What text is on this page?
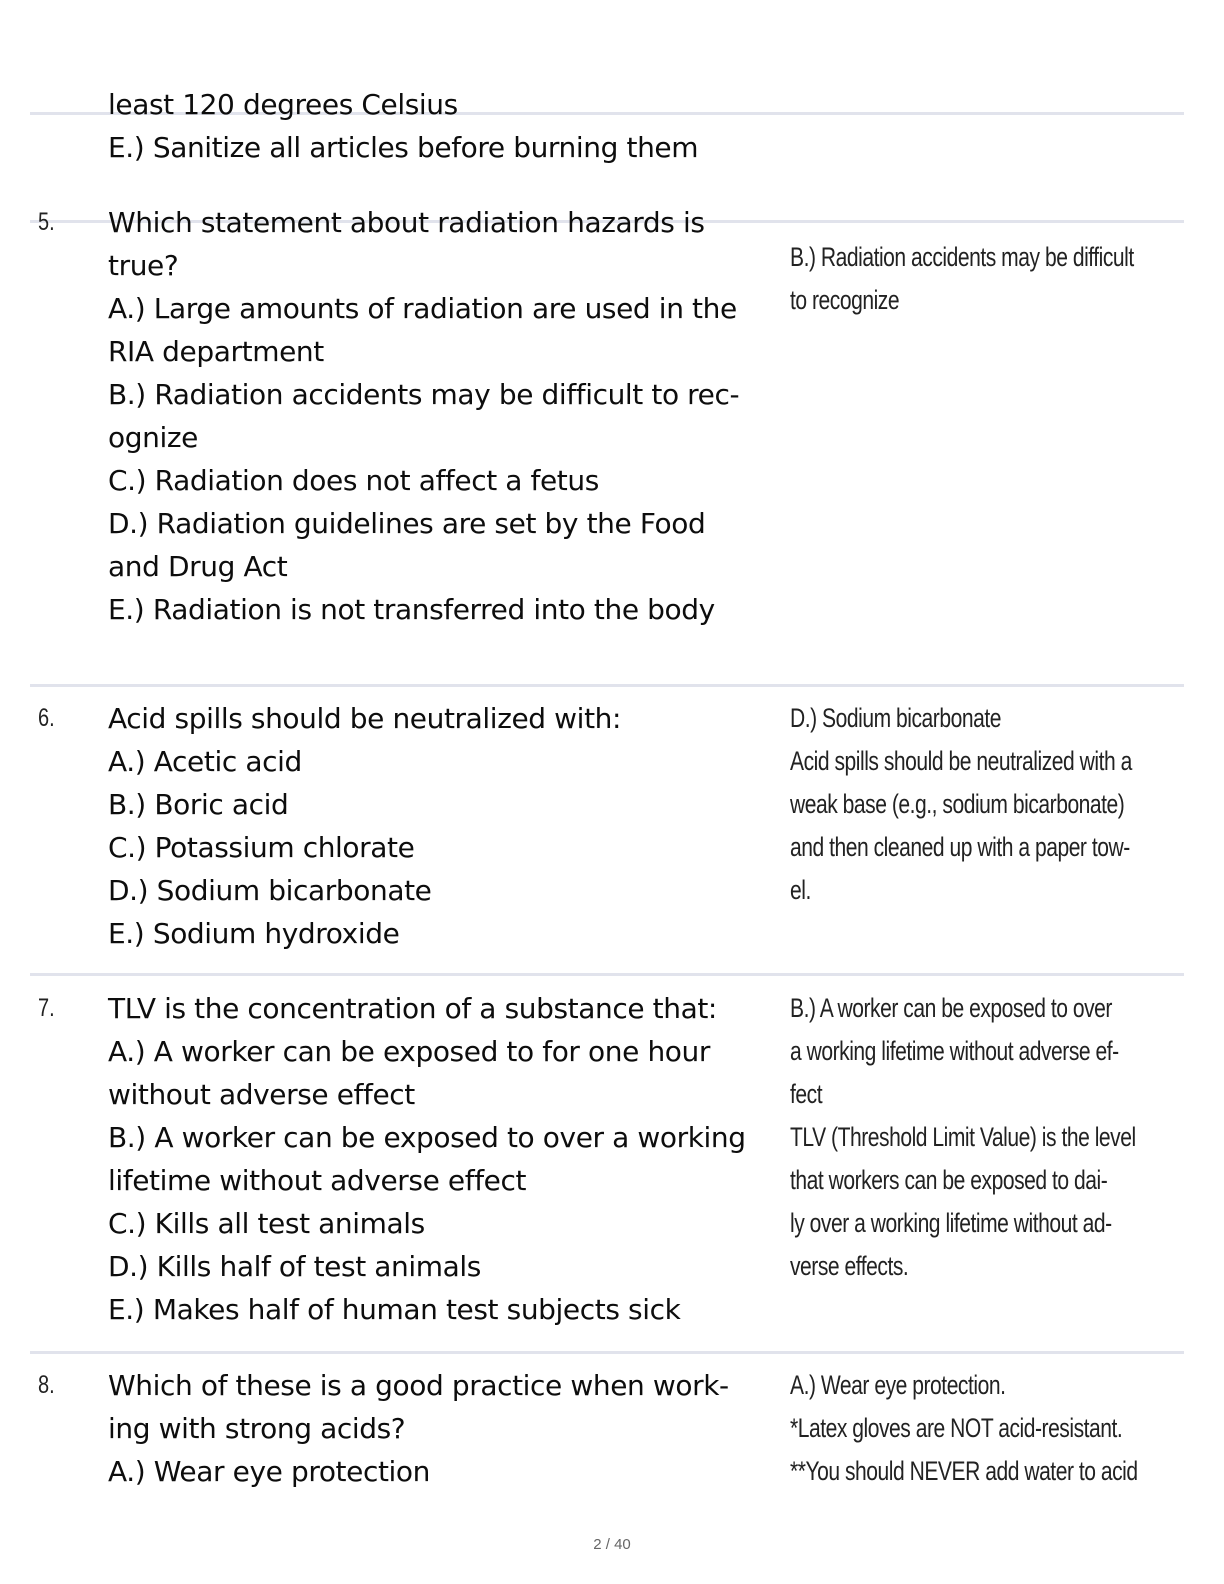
least 120 degrees Celsius
E.) Sanitize all articles before burning them
5. Which statement about radiation hazards is
true?
A.) Large amounts of radiation are used in the
RIA department
B.) Radiation accidents may be difficult to rec-
ognize
C.) Radiation does not affect a fetus
D.) Radiation guidelines are set by the Food
and Drug Act
E.) Radiation is not transferred into the body
B.) Radiation accidents may be difficult
to recognize
6. Acid spills should be neutralized with:
A.) Acetic acid
B.) Boric acid
C.) Potassium chlorate
D.) Sodium bicarbonate
E.) Sodium hydroxide
D.) Sodium bicarbonate
Acid spills should be neutralized with a
weak base (e.g., sodium bicarbonate)
and then cleaned up with a paper tow-
el.
7. TLV is the concentration of a substance that:
A.) A worker can be exposed to for one hour
without adverse effect
B.) A worker can be exposed to over a working
lifetime without adverse effect
C.) Kills all test animals
D.) Kills half of test animals
E.) Makes half of human test subjects sick
B.) A worker can be exposed to over
a working lifetime without adverse ef-
fect
TLV (Threshold Limit Value) is the level
that workers can be exposed to dai-
ly over a working lifetime without ad-
verse effects.
8. Which of these is a good practice when work-
ing with strong acids?
A.) Wear eye protection
A.) Wear eye protection.
*Latex gloves are NOT acid-resistant.
**You should NEVER add water to acid
2 / 40
